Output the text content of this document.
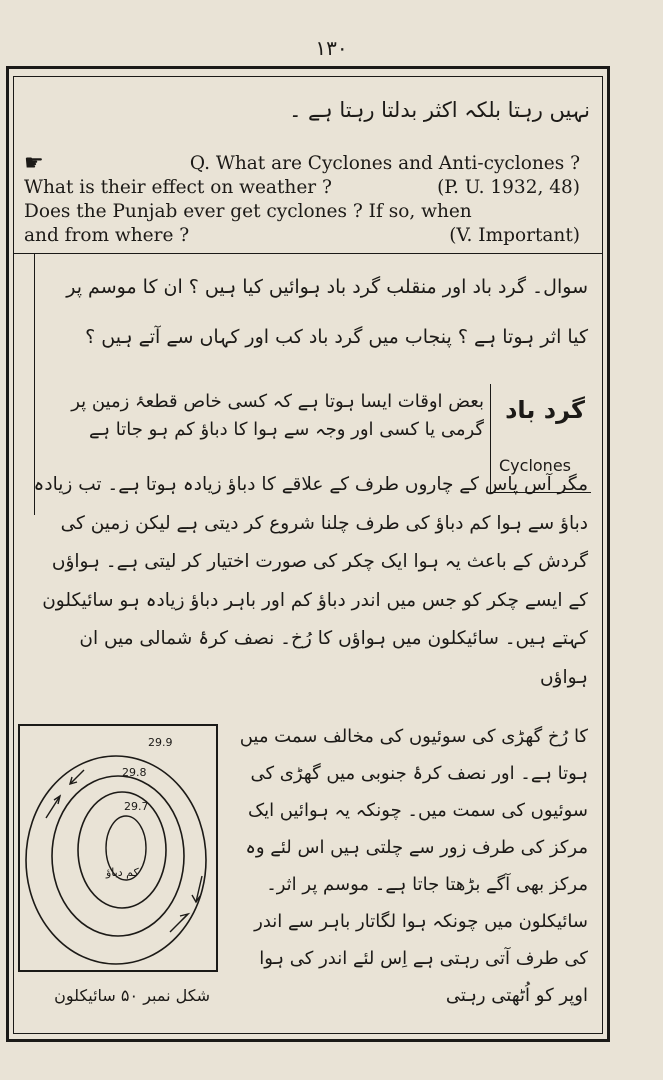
۱۳۰
نہیں رہتا بلکہ اکثر بدلتا رہتا ہے ۔
☛	Q. What are Cyclones and Anti-cyclones ?
What is their effect on weather ?	(P. U. 1932, 48)
Does the Punjab ever get cyclones ? If so, when
and from where ?	(V. Important)
سوال۔ گرد باد اور منقلب گرد باد ہوائیں کیا ہیں ؟ ان کا موسم پر کیا اثر ہوتا ہے ؟ پنجاب میں گرد باد کب اور کہاں سے آتے ہیں ؟
گرد باد
Cyclones
بعض اوقات ایسا ہوتا ہے کہ کسی خاص قطعۂ زمین پر گرمی یا کسی اور وجہ سے ہوا کا دباؤ کم ہو جاتا ہے
مگر آس پاس کے چاروں طرف کے علاقے کا دباؤ زیادہ ہوتا ہے۔ تب زیادہ دباؤ سے ہوا کم دباؤ کی طرف چلنا شروع کر دیتی ہے لیکن زمین کی گردش کے باعث یہ ہوا ایک چکر کی صورت اختیار کر لیتی ہے۔ ہواؤں کے ایسے چکر کو جس میں اندر دباؤ کم اور باہر دباؤ زیادہ ہو سائیکلون کہتے ہیں۔ سائیکلون میں ہواؤں کا رُخ۔ نصف کرۂ شمالی میں ان ہواؤں
29.9
29.8
29.7
کم دباؤ
شکل نمبر ۵۰ سائیکلون
کا رُخ گھڑی کی سوئیوں کی مخالف سمت میں ہوتا ہے۔ اور نصف کرۂ جنوبی میں گھڑی کی سوئیوں کی سمت میں۔ چونکہ یہ ہوائیں ایک مرکز کی طرف زور سے چلتی ہیں اس لئے وہ مرکز بھی آگے بڑھتا جاتا ہے۔ موسم پر اثر۔ سائیکلون میں چونکہ ہوا لگاتار باہر سے اندر کی طرف آتی رہتی ہے اِس لئے اندر کی ہوا اوپر کو اُٹھتی رہتی
